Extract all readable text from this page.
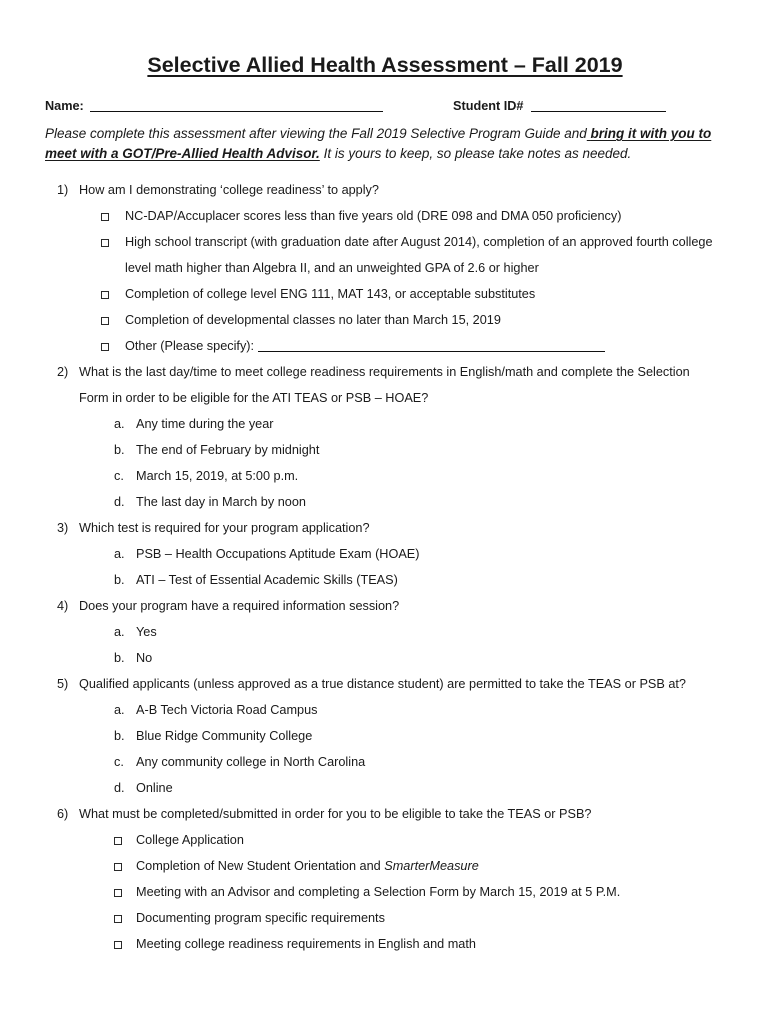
Selective Allied Health Assessment – Fall 2019
Name:	Student ID#
Please complete this assessment after viewing the Fall 2019 Selective Program Guide and bring it with you to
meet with a GOT/Pre-Allied Health Advisor. It is yours to keep, so please take notes as needed.
1) How am I demonstrating ‘college readiness’ to apply?
NC-DAP/Accuplacer scores less than five years old (DRE 098 and DMA 050 proficiency)
High school transcript (with graduation date after August 2014), completion of an approved fourth college
level math higher than Algebra II, and an unweighted GPA of 2.6 or higher
Completion of college level ENG 111, MAT 143, or acceptable substitutes
Completion of developmental classes no later than March 15, 2019
Other (Please specify):
2) What is the last day/time to meet college readiness requirements in English/math and complete the Selection
Form in order to be eligible for the ATI TEAS or PSB – HOAE?
a. Any time during the year
b. The end of February by midnight
c. March 15, 2019, at 5:00 p.m.
d. The last day in March by noon
3) Which test is required for your program application?
a. PSB – Health Occupations Aptitude Exam (HOAE)
b. ATI – Test of Essential Academic Skills (TEAS)
4) Does your program have a required information session?
a. Yes
b. No
5) Qualified applicants (unless approved as a true distance student) are permitted to take the TEAS or PSB at?
a. A-B Tech Victoria Road Campus
b. Blue Ridge Community College
c. Any community college in North Carolina
d. Online
6) What must be completed/submitted in order for you to be eligible to take the TEAS or PSB?
College Application
Completion of New Student Orientation and SmarterMeasure
Meeting with an Advisor and completing a Selection Form by March 15, 2019 at 5 P.M.
Documenting program specific requirements
Meeting college readiness requirements in English and math
